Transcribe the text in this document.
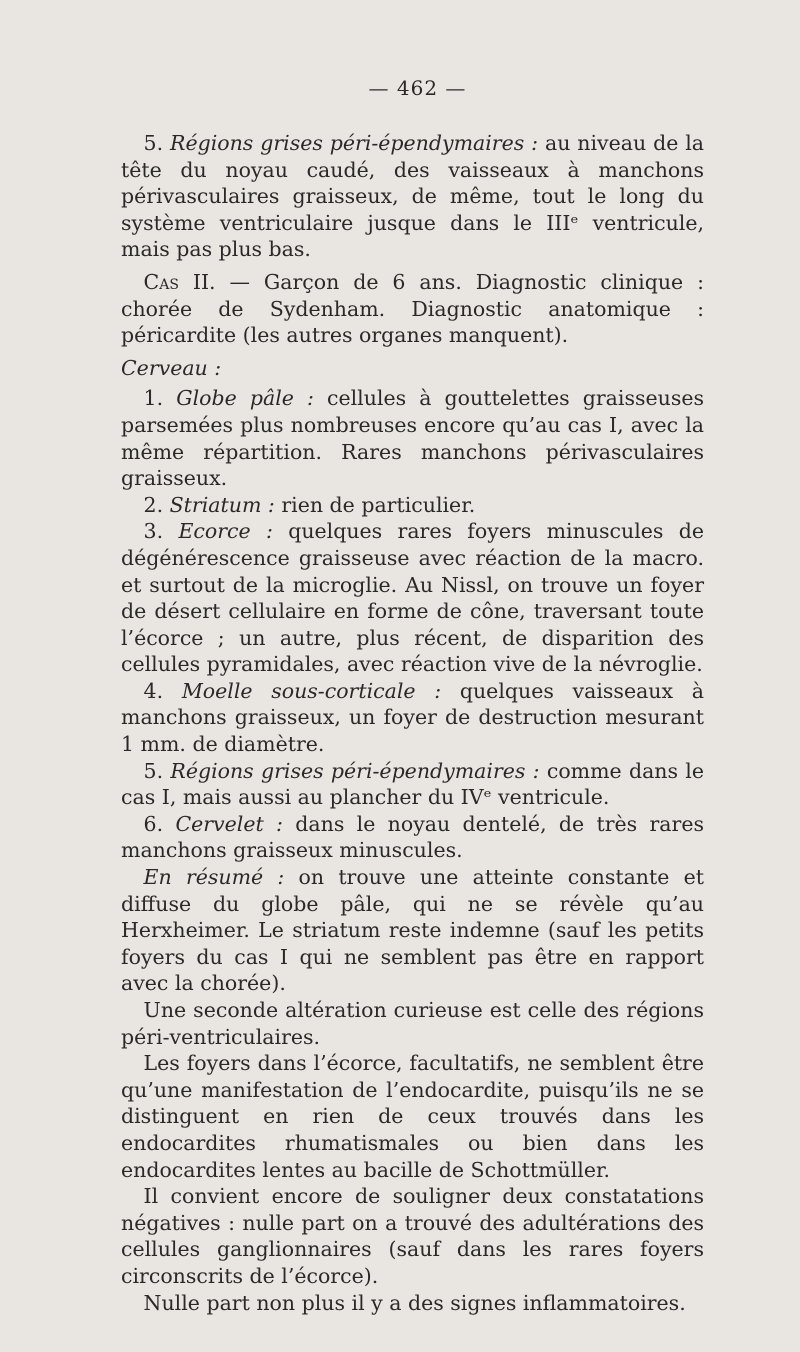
— 462 —

5. Régions grises péri-épendymaires : au niveau de la tête du noyau caudé, des vaisseaux à manchons périvasculaires graisseux, de même, tout le long du système ventriculaire jusque dans le IIIᵉ ventricule, mais pas plus bas.

Cas II. — Garçon de 6 ans. Diagnostic clinique : chorée de Sydenham. Diagnostic anatomique : péricardite (les autres organes manquent).

Cerveau :

1. Globe pâle : cellules à gouttelettes graisseuses parsemées plus nombreuses encore qu’au cas I, avec la même répartition. Rares manchons périvasculaires graisseux.

2. Striatum : rien de particulier.

3. Ecorce : quelques rares foyers minuscules de dégénérescence graisseuse avec réaction de la macro. et surtout de la microglie. Au Nissl, on trouve un foyer de désert cellulaire en forme de cône, traversant toute l’écorce ; un autre, plus récent, de disparition des cellules pyramidales, avec réaction vive de la névroglie.

4. Moelle sous-corticale : quelques vaisseaux à manchons graisseux, un foyer de destruction mesurant 1 mm. de diamètre.

5. Régions grises péri-épendymaires : comme dans le cas I, mais aussi au plancher du IVᵉ ventricule.

6. Cervelet : dans le noyau dentelé, de très rares manchons graisseux minuscules.

En résumé : on trouve une atteinte constante et diffuse du globe pâle, qui ne se révèle qu’au Herxheimer. Le striatum reste indemne (sauf les petits foyers du cas I qui ne semblent pas être en rapport avec la chorée).

Une seconde altération curieuse est celle des régions péri-ventriculaires.

Les foyers dans l’écorce, facultatifs, ne semblent être qu’une manifestation de l’endocardite, puisqu’ils ne se distinguent en rien de ceux trouvés dans les endocardites rhumatismales ou bien dans les endocardites lentes au bacille de Schottmüller.

Il convient encore de souligner deux constatations négatives : nulle part on a trouvé des adultérations des cellules ganglionnaires (sauf dans les rares foyers circonscrits de l’écorce).

Nulle part non plus il y a des signes inflammatoires.
